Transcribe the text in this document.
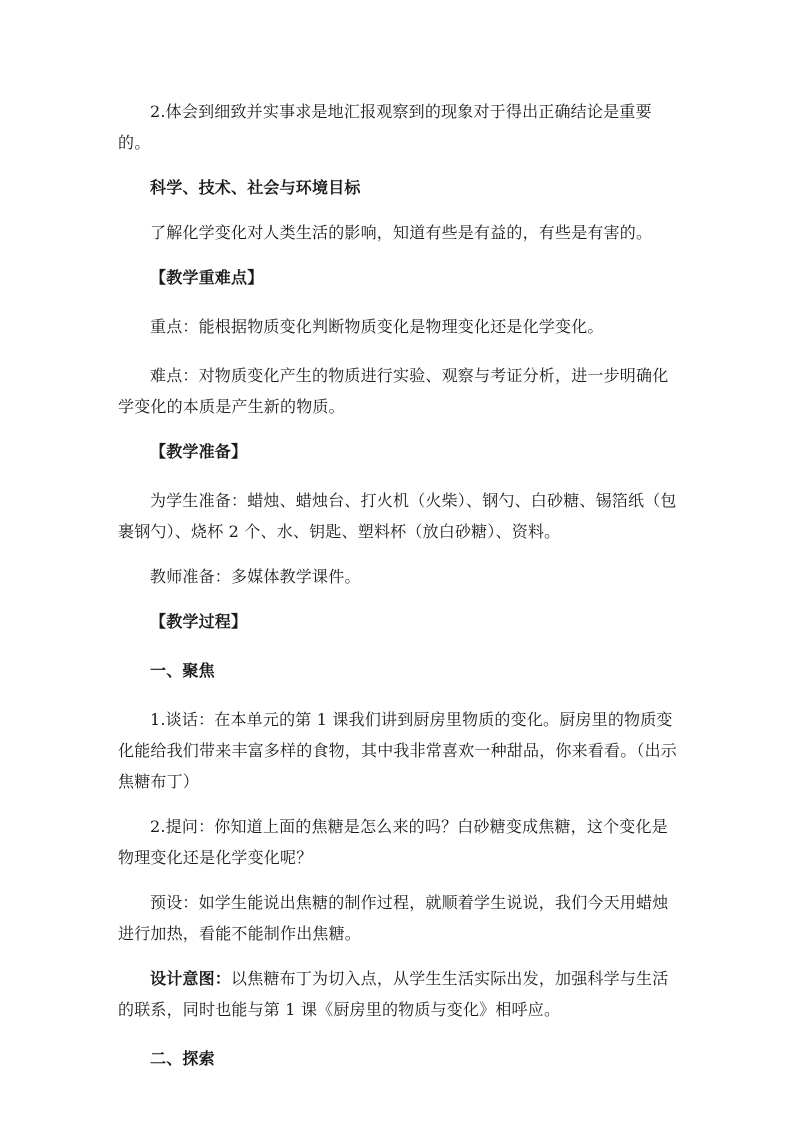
2.体会到细致并实事求是地汇报观察到的现象对于得出正确结论是重要的。

科学、技术、社会与环境目标

了解化学变化对人类生活的影响，知道有些是有益的，有些是有害的。

【教学重难点】

重点：能根据物质变化判断物质变化是物理变化还是化学变化。

难点：对物质变化产生的物质进行实验、观察与考证分析，进一步明确化学变化的本质是产生新的物质。

【教学准备】

为学生准备：蜡烛、蜡烛台、打火机（火柴）、钢勺、白砂糖、锡箔纸（包裹钢勺）、烧杯 2 个、水、钥匙、塑料杯（放白砂糖）、资料。

教师准备：多媒体教学课件。

【教学过程】

一、聚焦

1.谈话：在本单元的第 1 课我们讲到厨房里物质的变化。厨房里的物质变化能给我们带来丰富多样的食物，其中我非常喜欢一种甜品，你来看看。（出示焦糖布丁）

2.提问：你知道上面的焦糖是怎么来的吗？白砂糖变成焦糖，这个变化是物理变化还是化学变化呢？

预设：如学生能说出焦糖的制作过程，就顺着学生说说，我们今天用蜡烛进行加热，看能不能制作出焦糖。

设计意图：以焦糖布丁为切入点，从学生生活实际出发，加强科学与生活的联系，同时也能与第 1 课《厨房里的物质与变化》相呼应。

二、探索
